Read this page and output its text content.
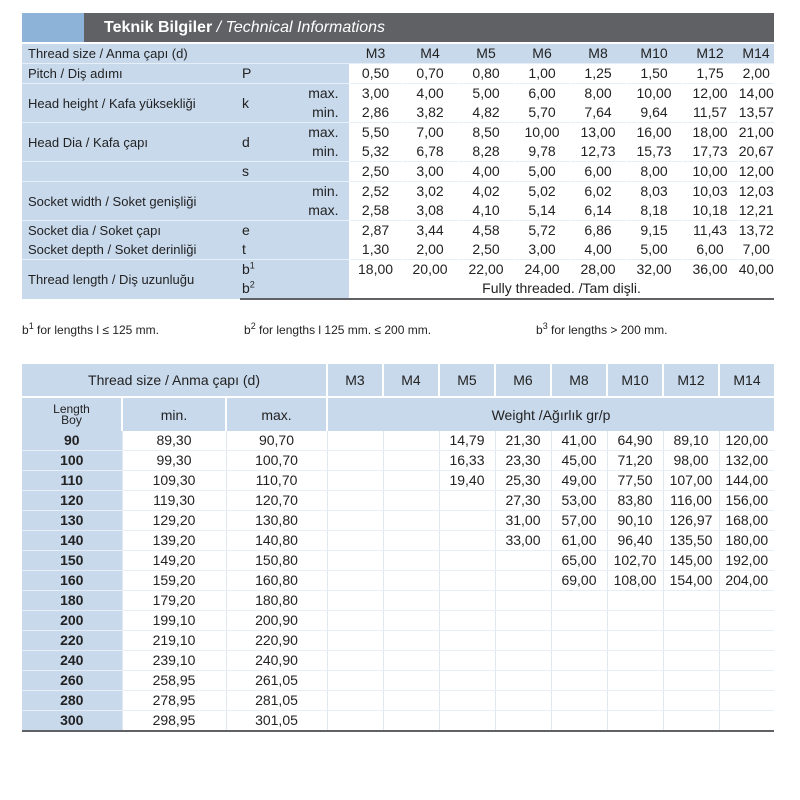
Teknik Bilgiler / Technical Informations
Thread size / Anma çapı (d)			M3	M4	M5	M6	M8	M10	M12	M14
Pitch / Diş adımı	P		0,50	0,70	0,80	1,00	1,25	1,50	1,75	2,00
Head height / Kafa yüksekliği	k	max.	3,00	4,00	5,00	6,00	8,00	10,00	12,00	14,00
		min.	2,86	3,82	4,82	5,70	7,64	9,64	11,57	13,57
Head Dia / Kafa çapı	d	max.	5,50	7,00	8,50	10,00	13,00	16,00	18,00	21,00
		min.	5,32	6,78	8,28	9,78	12,73	15,73	17,73	20,67
	s		2,50	3,00	4,00	5,00	6,00	8,00	10,00	12,00
Socket width / Soket genişliği		min.	2,52	3,02	4,02	5,02	6,02	8,03	10,03	12,03
		max.	2,58	3,08	4,10	5,14	6,14	8,18	10,18	12,21
Socket dia / Soket çapı	e		2,87	3,44	4,58	5,72	6,86	9,15	11,43	13,72
Socket depth / Soket derinliği	t		1,30	2,00	2,50	3,00	4,00	5,00	6,00	7,00
Thread length / Diş uzunluğu	$b^1$		18,00	20,00	22,00	24,00	28,00	32,00	36,00	40,00
	$b^2$		Fully threaded. /Tam dişli.							
$b^1$ for lengths l ≤ 125 mm.	$b^2$ for lengths l 125 mm. ≤ 200 mm.	$b^3$ for lengths > 200 mm.
Thread size / Anma çapı (d)			M3	M4	M5	M6	M8	M10	M12	M14

Length
Boy	min.	max.	Weight /Ağırlık gr/p							
90	89,30	90,70			14,79	21,30	41,00	64,90	89,10	120,00
100	99,30	100,70			16,33	23,30	45,00	71,20	98,00	132,00
110	109,30	110,70			19,40	25,30	49,00	77,50	107,00	144,00
120	119,30	120,70				27,30	53,00	83,80	116,00	156,00
130	129,20	130,80				31,00	57,00	90,10	126,97	168,00
140	139,20	140,80				33,00	61,00	96,40	135,50	180,00
150	149,20	150,80					65,00	102,70	145,00	192,00
160	159,20	160,80					69,00	108,00	154,00	204,00
180	179,20	180,80								
200	199,10	200,90								
220	219,10	220,90								
240	239,10	240,90								
260	258,95	261,05								
280	278,95	281,05								
300	298,95	301,05								
